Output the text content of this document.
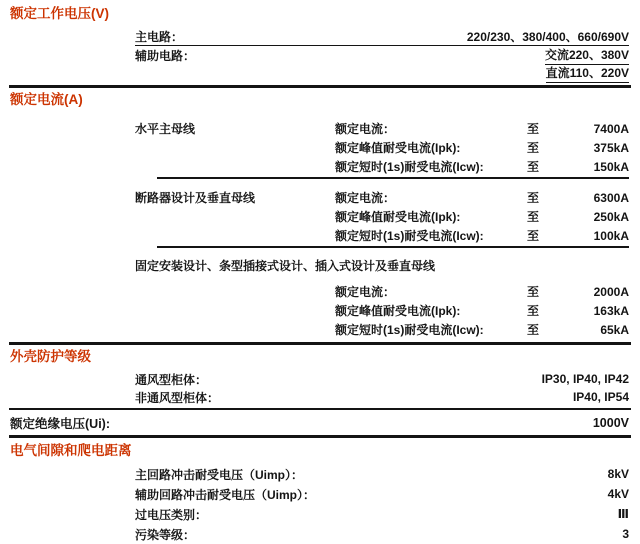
额定工作电压(V)
主电路：	220/230、380/400、660/690V
辅助电路：	交流220、380V
直流110、220V
额定电流(A)
水平主母线	额定电流：	至	7400A
额定峰值耐受电流(Ipk):	至	375kA
额定短时(1s)耐受电流(Icw):	至	150kA
断路器设计及垂直母线	额定电流：	至	6300A
额定峰值耐受电流(Ipk):	至	250kA
额定短时(1s)耐受电流(Icw):	至	100kA
固定安装设计、条型插接式设计、插入式设计及垂直母线
额定电流：	至	2000A
额定峰值耐受电流(Ipk):	至	163kA
额定短时(1s)耐受电流(Icw):	至	65kA
外壳防护等级
通风型柜体：	IP30, IP40, IP42
非通风型柜体：	IP40, IP54
额定绝缘电压(Ui):	1000V
电气间隙和爬电距离
主回路冲击耐受电压（Uimp）：	8kV
辅助回路冲击耐受电压（Uimp）：	4kV
过电压类别：	Ⅲ
污染等级：	3
